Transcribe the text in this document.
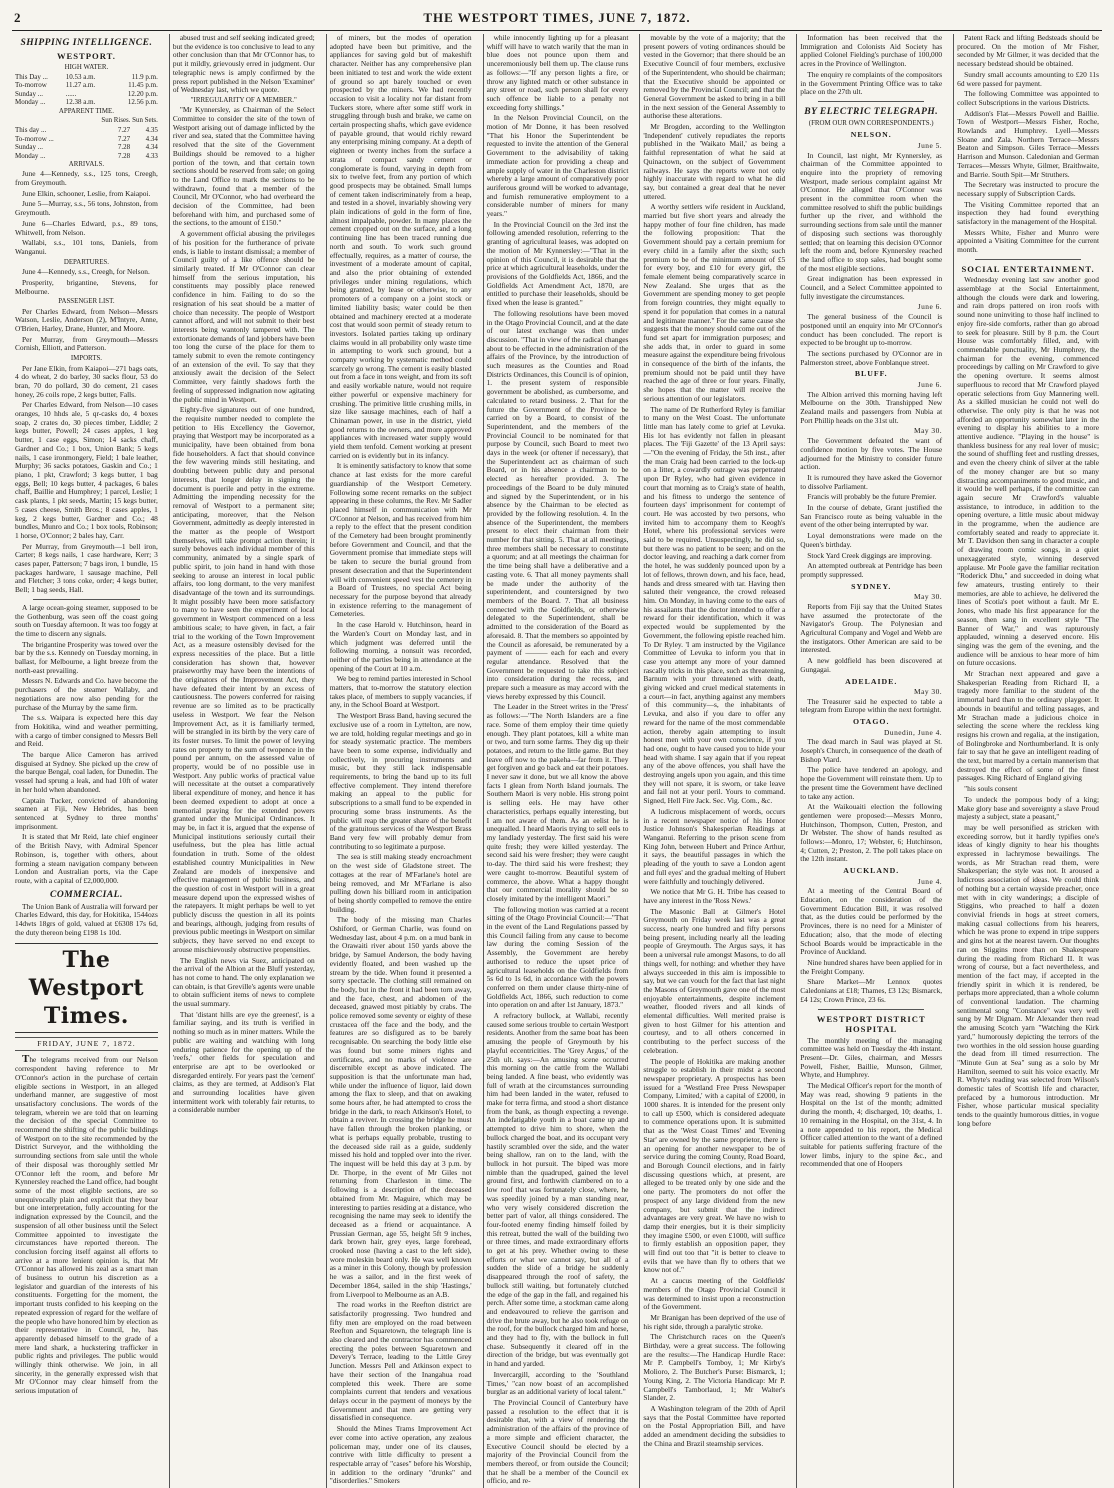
2	THE WESTPORT TIMES, JUNE 7, 1872.
SHIPPING INTELLIGENCE.
WESTPORT.
HIGH WATER.
This Day ...	10.53 a.m.	11.9 p.m.
To-morrow	11.27 a.m.	11.45 p.m.
Sunday ...	......	12.20 p.m.
Monday ...	12.38 a.m.	12.56 p.m.
APPARENT TIME.
Sun Rises. Sun Sets.
This day ...	7.27	4.35
To-morrow ...	7.27	4.34
Sunday ...	7.28	4.34
Monday ...	7.28	4.33
ARRIVALS.

June 4—Kennedy, s.s., 125 tons, Creegh, from Greymouth.

June Elkin, schooner, Leslie, from Kaiapoi.

June 5—Murray, s.s., 56 tons, Johnston, from Greymouth.

June 6—Charles Edward, p.s., 89 tons, Whitwell, from Nelson.

Wallabi, s.s., 101 tons, Daniels, from Wanganui.

DEPARTURES.

June 4—Kennedy, s.s., Creegh, for Nelson.

Prosperity, brigantine, Stevens, for Melbourne.

PASSENGER LIST.

Per Charles Edward, from Nelson—Messrs Watson, Leslie, Anderson (2), M'Intyre, Anne, O'Brien, Harley, Drane, Hunter, and Moore.

Per Murray, from Greymouth—Messrs Cornish, Elliott, and Patterson.

IMPORTS.

Per Jane Elkin, from Kaiapoi—271 bags oats, 4 do wheat, 2 do barley, 30 sacks flour, 53 do bran, 70 do pollard, 30 do cement, 21 cases honey, 26 coils rope, 2 kegs butter, Falls.

Per Charles Edward, from Nelson—10 cases oranges, 10 hhds ale, 5 qr-casks do, 4 boxes soap, 2 crates do, 30 pieces timber, Liddle; 2 kegs butter, Powell; 24 cases apples, 1 keg butter, 1 case eggs, Simon; 14 sacks chaff, Gardner and Co.; 1 box, Union Bank; 5 kegs nails, 1 case ironmongery, Field; 1 bale leather, Murphy; 36 sacks potatoes, Gaskin and Co.; 1 piano, 1 pkt, Crawford; 3 kegs butter, 1 bag eggs, Bell; 10 kegs butter, 4 packages, 6 bales chaff, Baillie and Humphrey; 1 parcel, Leslie; 1 cask plants, 1 pkt seeds, Martin; 15 kegs butter, 5 cases cheese, Smith Bros.; 8 cases apples, 1 keg, 2 kegs butter, Gardner and Co.; 48 bundles, Munro and Co.; 1 box tools, Robinson; 1 horse, O'Connor; 2 bales hay, Carr.

Per Murray, from Greymouth—1 bell iron, Carter; 8 kegs nails, 1 case hardware, Kerr; 3 cases paper, Patterson; 7 bags iron, 1 bundle, 15 packages hardware, 1 sausage machine, Pell and Fletcher; 3 tons coke, order; 4 kegs butter, Bell; 1 bag seeds, Hall.

A large ocean-going steamer, supposed to be the Gothenburg, was seen off the coast going south on Tuesday afternoon. It was too foggy at the time to discern any signals.

The brigantine Prosperity was towed over the bar by the s.s. Kennedy on Tuesday morning, in ballast, for Melbourne, a light breeze from the north-east prevailing.

Messrs N. Edwards and Co. have become the purchasers of the steamer Wallaby, and negotiations are now also pending for the purchase of the Murray by the same firm.

The s.s. Waipara is expected here this day from Hokitika, wind and weather permitting, with a cargo of timber consigned to Messrs Bell and Reid.

The barque Alice Cameron has arrived disguised at Sydney. She picked up the crew of the barque Bengal, coal laden, for Dunedin. The vessel had sprung a leak, and had 10ft of water in her hold when abandoned.

Captain Tucker, convicted of abandoning seamen at Fiji, New Hebrides, has been sentenced at Sydney to three months' imprisonment.

It is stated that Mr Reid, late chief engineer of the British Navy, with Admiral Spencer Robinson, is, together with others, about forming a steam navigation company between London and Australian ports, via the Cape route, with a capital of £2,000,000.

COMMERCIAL.

The Union Bank of Australia will forward per Charles Edward, this day, for Hokitika, 1544ozs 14dwts 18grs of gold, valued at £6308 17s 6d, the duty thereon being £198 1s 10d.

The Westport Times.
FRIDAY, JUNE 7, 1872.

The telegrams received from our Nelson correspondent having reference to Mr O'Connor's action in the purchase of certain eligible sections in Westport, in an alleged underhand manner, are suggestive of most unsatisfactory conclusions. The words of the telegram, wherein we are told that on learning the decision of the special Committee to recommend the shifting of the public buildings of Westport on to the site recommended by the District Surveyor, and the withholding the surrounding sections from sale until the whole of their disposal was thoroughly settled Mr O'Connor left the room, and before Mr Kynnersley reached the Land office, had bought some of the most eligible sections, are so unequivocally plain and explicit that they bear but one interpretation, fully accounting for the indignation expressed by the Council, and the suspension of all other business until the Select Committee appointed to investigate the circumstances have reported thereon. The conclusion forcing itself against all efforts to arrive at a more lenient opinion is, that Mr O'Connor has allowed his zeal as a smart man of business to outrun his discretion as a legislator and guardian of the interests of his constituents. Forgetting for the moment, the important trusts confided to his keeping on the repeated expression of regard for the welfare of the people who have honored him by election as their representative in Council, he, has apparently debased himself to the grade of a mere land shark, a huckstering trafficker in public rights and privileges. The public would willingly think otherwise. We join, in all sincerity, in the generally expressed wish that Mr O'Connor may clear himself from the serious imputation of

abused trust and self seeking indicated greed; but the evidence is too conclusive to lead to any other conclusion than that Mr O'Connor has, to put it mildly, grievously erred in judgment. Our telegraphic news is amply confirmed by the press report published in the Nelson 'Examiner' of Wednesday last, which we quote.

"IRREGULARITY OF A MEMBER."

"Mr Kynnersley, as Chairman of the Select Committee to consider the site of the town of Westport arising out of damage inflicted by the river and sea, stated that the Committee having resolved that the site of the Government Buildings should be removed to a higher portion of the town, and that certain town sections should be reserved from sale; on going to the Land Office to mark the sections to be withdrawn, found that a member of the Council, Mr O'Connor, who had overheard the decision of the Committee, had been beforehand with him, and purchased some of the sections, to the amount of £150."

A government official abusing the privileges of his position for the furtherance of private ends, is liable to instant dismissal; a member of Council guilty of a like offence should be similarly treated. If Mr O'Connor can clear himself from the serious imputation, his constituents may possibly place renewed confidence in him. Failing to do so the resignation of his seat should be a matter of choice than necessity. The people of Westport cannot afford, and will not submit to their best interests being wantonly tampered with. The extortionate demands of land jobbers have been too long the curse of the place for them to tamely submit to even the remote contingency of an extension of the evil. To say that they anxiously await the decision of the Select Committee, very faintly shadows forth the feeling of suppressed indignation now agitating the public mind in Westport.

Eighty-five signatures out of one hundred, the requisite number needed to complete the petition to His Excellency the Governor, praying that Westport may be incorporated as a municipality, have been obtained from bona fide householders. A fact that should convince the few wavering minds still hesitating, and doubting between public duty and personal interests, that longer delay in signing the document is puerile and petty in the extreme. Admitting the impending necessity for the removal of Westport to a permanent site; anticipating, moreover, that the Nelson Government, admittedly as deeply interested in the matter as the people of Westport themselves, will take prompt action therein; it surely behoves each individual member of this community, animated by a single spark of public spirit, to join hand in hand with those seeking to arouse an interest in local public affairs, too long dormant, to the very manifest disadvantage of the town and its surroundings. It might possibly have been more satisfactory to many to have seen the experiment of local government in Westport commenced on a less ambitious scale; to have given, in fact, a fair trial to the working of the Town Improvement Act, as a measure ostensibly devised for the express necessities of the place. But a little consideration has shown that, however praiseworthy may have been the intentions of the originators of the Improvement Act, they have defeated their intent by an excess of cautiousness. The powers conferred for raising revenue are so limited as to be practically useless in Westport. We fear the Nelson Improvement Act, as it is familiarly termed, will be strangled in its birth by the very care of its foster nurses. To limit the power of levying rates on property to the sum of twopence in the pound per annum, on the assessed value of property, would be of no possible use in Westport. Any public works of practical value will necessitate at the outset a comparatively liberal expenditure of money, and hence it has been deemed expedient to adopt at once a memorial praying for the extended powers granted under the Municipal Ordinances. It may be, in fact it is, argued that the expense of Municipal institutions seriously curtail their usefulness, but the plea has little actual foundation in truth. Some of the oldest established country Municipalities in New Zealand are models of inexpensive and effective management of public business, and the question of cost in Westport will in a great measure depend upon the expressed wishes of the ratepayers. It might perhaps be well to yet publicly discuss the question in all its points and bearings, although, judging from results of previous public meetings in Westport on similar subjects, they have served no end except to arouse mischievously obstructive propensities.

The English news via Suez, anticipated on the arrival of the Albion at the Bluff yesterday, has not come to hand. The only explanation we can obtain, is that Greville's agents were unable to obtain sufficient items of news to complete the usual summary.

That 'distant hills are eye the greenest', is a familiar saying, and its truth is verified in nothing so much as in miner matters. While the public are waiting and watching with long enduring patience for the opening up of the 'reefs,' other fields for speculation and enterprise are apt to be overlooked or disregarded entirely. For years past the 'cement' claims, as they are termed, at Addison's Flat and surrounding localities have given intermittent work with tolerably fair returns, to a considerable number

of miners, but the modes of operation adopted have been but primitive, and the appliances for saving gold but of makeshift character. Neither has any comprehensive plan been initiated to test and work the wide extent of ground so apt barely touched or even prospected by the miners. We had recently occasion to visit a locality not far distant from Tuckers store, where after some stiff work in struggling through bush and brake, we came on certain prospecting shafts, which gave evidence of payable ground, that would richly reward any enterprising mining company. At a depth of eighteen or twenty inches from the surface a strata of compact sandy cement or conglomerate is found, varying in depth from six to twelve feet, from any portion of which good prospects may be obtained. Small lumps of cement taken indiscriminately from a heap, and tested in a shovel, invariably showing very plain indications of gold in the form of fine, almost impalpable, powder. In many places the cement cropped out on the surface, and a long continuing line has been traced running due north and south. To work such ground effectually, requires, as a matter of course, the investment of a moderate amount of capital, and also the prior obtaining of extended privileges under mining regulations, which being granted, by lease or otherwise, to any promoters of a company on a joint stock or limited liability basis; water could be then obtained and machinery erected at a moderate cost that would soon permit of steady return to investors. Isolated parties taking up ordinary claims would in all probability only waste time in attempting to work such ground, but a company working by systematic method could scarcely go wrong. The cement is easily blasted out from a face in tons weight, and from its soft and easily workable nature, would not require either powerful or expensive machinery for crushing. The primitive little crushing mills, in size like sausage machines, each of half a Chinaman power, in use in the district, yield good returns to the owners, and more approved appliances with increased water supply would yield them tenfold. Cement working at present carried on is evidently but in its infancy.

It is eminently satisfactory to know that some chance at last exists for the more careful guardianship of the Westport Cemetery. Following some recent remarks on the subject appearing in these columns, the Rev. Mr Sadler placed himself in communication with Mr O'Connor at Nelson, and has received from him a reply to the effect that the present condition of the Cemetery had been brought prominently before Government and Council, and that the Government promise that immediate steps will be taken to secure the burial ground from present desecration and that the Superintendent will with convenient speed vest the cemetery in a Board of Trustees, no special Act being necessary for the purpose beyond that already in existence referring to the management of Cemeteries.

In the case Harold v. Hutchinson, heard in the Warden's Court on Monday last, and in which judgment was deferred until the following morning, a nonsuit was recorded, neither of the parties being in attendance at the opening of the Court at 10 a.m.

We beg to remind parties interested in School matters, that to-morrow the statutory election takes place, of members to supply vacancies, if any, in the School Board at Westport.

The Westport Brass Band, having secured the exclusive use of a room in Lyttelton, are now, we are told, holding regular meetings and go in for steady systematic practice. The members have been to some expense, individually and collectively, in procuring instruments and music, but they still lack indispensable requirements, to bring the band up to its full effective complement. They intend therefore making an appeal to the public for subscriptions to a small fund to be expended in procuring some brass instruments. As the public will reap the greater share of the benefit of the gratuitous services of the Westport Brass Band very few will probably demur from contributing to so legitimate a purpose.

The sea is still making steady encroachment on the west side of Gladstone street. The cottages at the rear of M'Farlane's hotel are being removed, and Mr M'Farlane is also pulling down his billiard room in anticipation of being shortly compelled to remove the entire building.

The body of the missing man Charles Oshiford, or German Charlie, was found on Wednesday last, about 4 p.m. on a mud bank in the Orawaiti river about 150 yards above the bridge, by Samuel Anderson, the body having evidently floated, and been washed up the stream by the tide. When found it presented a sorry spectacle. The clothing still remained on the body, but in the front it had been torn away, and the face, chest, and abdomen of the deceased, gnawed most pitiably by crabs. The police removed some seventy or eighty of these crustacea off the face and the body, and the features are so disfigured as to be barely recognisable. On searching the body little else was found but some miners rights and certificates, and no marks of violence are discernible except as above indicated. The supposition is that the unfortunate man had, while under the influence of liquor, laid down among the flax to sleep, and that on awaking some hours after, he had attempted to cross the bridge in the dark, to reach Atkinson's Hotel, to obtain a reviver. In crossing the bridge he must have fallen through the broken planking, or what is perhaps equally probable, trusting to the deceased side rail as a guide, suddenly missed his hold and toppled over into the river. The inquest will be held this day at 3 p.m. by Dr. Thorpe, in the event of Mr Giles not returning from Charleston in time. The following is a description of the deceased obtained from Mr. Maguire, which may be interesting to parties residing at a distance, who recognising the name may seek to identify the deceased as a friend or acquaintance. A Prussian German, age 55, height 5ft 9 inches, dark brown hair, grey eyes, large forehead, crooked nose (having a cast to the left side), wore moleskin beard only. He was well known as a miner in this Colony, though by profession he was a sailor, and in the first week of December 1864, sailed in the ship 'Hastings,' from Liverpool to Melbourne as an A.B.

The road works in the Reefton district are satisfactorily progressing. Two hundred and fifty men are employed on the road between Reefton and Squaretown, the telegraph line is also cleared and the contractor has commenced erecting the poles between Squaretown and Devery's Terrace, leading to the Little Grey Junction. Messrs Pell and Atkinson expect to have their section of the Inangahua road completed this week. There are some complaints current that tenders and vexatious delays occur in the payment of moneys by the Government and that men are getting very dissatisfied in consequence.

Should the Mines Trams Improvement Act ever come into active operation, any zealous policeman may, under one of its clauses, contrive with little difficulty to present a respectable array of "cases" before his Worship, in addition to the ordinary "drunks" and "disorderlies." Smokers

while innocently lighting up for a pleasant whiff will have to watch warily that the man in blue does not pounce upon them and unceremoniously bell them up. The clause runs as follows:—"If any person lights a fire, or throw any lighted match or other substance in any street or road, such person shall for every such offence be liable to a penalty not exceeding forty shillings."

In the Nelson Provincial Council, on the motion of Mr Donne, it has been resolved "That his Honor the Superintendent be requested to invite the attention of the General Government to the advisability of taking immediate action for providing a cheap and ample supply of water in the Charleston district whereby a large amount of comparatively poor auriferous ground will be worked to advantage, and furnish remunerative employment to a considerable number of miners for many years."

In the Provincial Council on the 3rd inst the following amended resolution, referring to the granting of agricultural leases, was adopted on the motion of Mr Kynnersley:—"That in the opinion of this Council, it is desirable that the price at which agricultural leaseholds, under the provisions of the Goldfields Act, 1866, and the Goldfields Act Amendment Act, 1870, are entitled to purchase their leaseholds, should be fixed when the lease is granted."

The following resolutions have been moved in the Otago Provincial Council, and at the date of our latest exchange was then under discussion. "That in view of the radical changes about to be effected in the administration of the affairs of the Province, by the introduction of such measures as the Counties and Road Districts Ordinances, this Council is of opinion, 1. the present system of responsible government be abolished, as cumbersome, and calculated to retard business. 2. That for the future the Government of the Province be carried on by a Board, to consist of the Superintendent, and the members of the Provincial Council to be nominated for that purpose by Council, such Board to meet two days in the week (or oftener if necessary), that the Superintendent act as chairman of such Board, or in his absence a chairman to be elected as hereafter provided. 3. The proceedings of the Board to be duly minuted and signed by the Superintendent, or in his absence by the Chairman to be elected as provided by the following resolution. 4. In the absence of the Superintendent, the members present to elect their chairman from their number for that sitting. 5. That at all meetings, three members shall be necessary to constitute a quorum; and at all meetings the chairman for the time being shall have a deliberative and a casting vote. 6. That all money payments shall be made under the authority of the superintendent, and countersigned by two members of the Board. 7. That all business connected with the Goldfields, or otherwise delegated to the Superintendent, shall be admitted to the consideration of the Board as aforesaid. 8. That the members so appointed by the Council as aforesaid, be remunerated by a payment of ——— each for each and every regular attendance. Resolved that the Government be requested to take this subject into consideration during the recess, and prepare such a measure as may accord with the views hereby expressed by this Council.

The Leader in the Street writes in the 'Press' as follows:—"The North Islanders are a fine race. Some of them employ their time quietly enough. They plant potatoes, kill a white man or two, and turn some farms. They dig up their potatoes, and return to the little game. But they leave off now to the pakeha—far from it. They get forgiven and go back and eat their potatoes. I never saw it done, but we all know the above facts I glean from North Island journals. The Southern Maori is very noble. His strong point is selling eels. He may have other characteristics, perhaps equally interesting, but I am not aware of them. As an eelist he is unequalled. I heard Maoris trying to sell eels to my landlady yesterday. The first said his were quite fresh; they were killed yesterday. The second said his were fresher; they were caught to-day. The third said his were freshest; they were caught to-morrow. Beautiful system of commerce, the above. What a happy thought that our commercial morality should be so closely imitated by the intelligent Maori."

The following motion was carried at a recent sitting of the Otago Provincial Council:—"That in the event of the Land Regulations passed by this Council failing from any cause to become law during the coming Session of the Assembly, the Government are hereby authorised to reduce the upset price of agricultural leaseholds on the Goldfields from 5s 6d to 1s 6d, in accordance with the powers conferred on them under clause thirty-nine of Goldfields Act, 1866, such reduction to come into operation on and after 1st January, 1873."

A refractory bullock, at Wallabi, recently caused some serious trouble to certain Westport residents. Another from the same boat has been amusing the people of Greymouth by his playful eccentricities. The 'Grey Argus,' of the 25th ult. says:—An amusing scene occurred this morning on the cattle from the Wallabi being landed. A fine beast, who evidently was full of wrath at the circumstances surrounding him had been landed in the water, refused to make for terra firma, and stood a short distance from the bank, as though expecting a revenge. An indefatigable youth in a boat came up and attempted to drive him to shore, when the bullock charged the boat, and its occupant very hastily scrambled over the side, and the water being shallow, ran on to the land, with the bullock in hot pursuit. The biped was more nimble than the quadruped, gained the level ground first, and forthwith clambered on to a low roof that was fortunately close, where, he was speedily joined by a man standing near, who very wisely considered discretion the better part of valor, all things considered. The four-footed enemy finding himself foiled by this retreat, butted the wall of the building two or three times, and made extraordinary efforts to get at his prey. Whether owing to these efforts or what we cannot say, but all of a sudden the slide of a bridge he suddenly disappeared through the roof of safety, the bullock still waiting, but fortunately clutched the edge of the gap in the fall, and regained his perch. After some time, a stockman came along and endeavoured to relieve the garrison and drive the brute away, but he also took refuge on the roof, for the bullock charged him and horse, and they had to fly, with the bullock in full chase. Subsequently it cleared off in the direction of the bridge, but was eventually got in hand and yarded.

Invercargill, according to the 'Southland Times,' "can now boast of an accomplished burglar as an additional variety of local talent."

The Provincial Council of Canterbury have passed a resolution to the effect that it is desirable that, with a view of rendering the administration of the affairs of the province of a more simple and efficient character, the Executive Council should be elected by a majority of the Provincial Council from the members thereof, or from outside the Council; that he shall be a member of the Council ex officio, and re-

movable by the vote of a majority; that the present powers of voting ordinances should be vested in the Governor; that there should be an Executive Council of four members, exclusive of the Superintendent, who should be chairman; that the Executive should be appointed or removed by the Provincial Council; and that the General Government be asked to bring in a bill in the next session of the General Assembly to authorise these alterations.

Mr Brogden, according to the Wellington 'Independent' cutively repudiates the reports published in the 'Waikato Mail,' as being a faithful representation of what he said at Quinactown, on the subject of Government railways. He says the reports were not only highly inaccurate with regard to what he did say, but contained a great deal that he never uttered.

A worthy settlers wife resident in Auckland, married but five short years and already the happy mother of four fine children, has made the following proposition: That the Government should pay a certain premium for every child in a family after the sixth; such premium to be of the minimum amount of £5 for every boy, and £10 for every girl, the female element being comparatively scarce in New Zealand. She urges that as the Government are spending money to get people from foreign countries, they might equally to spend it for population that comes in a natural and legitimate manner." For the same cause she suggests that the money should come out of the fund set apart for immigration purposes; and she adds that, in order to guard in some measure against the expenditure being frivolous in consequence of the birth of the infants, the premium should not be paid until they have reached the age of three or four years. Finally, she hopes that the matter will receive the serious attention of our legislators.

The name of Dr Rutherford Ryley is familiar to many on the West Coast. The unfortunate little man has lately come to grief at Levuka. His lot has evidently not fallen in pleasant places. The 'Fiji Gazette' of the 13 April says:—"On the evening of Friday, the 5th inst., after the man Craig had been carried to the lock-up on a litter, a cowardly outrage was perpetrated upon Dr Ryley, who had given evidence in court that morning as to Craig's state of health, and his fitness to undergo the sentence of fourteen days' imprisonment for contempt of court. He was accosted by two persons, who invited him to accompany them to Keogh's Hotel, where his professional services were said to be required. Unsuspectingly, he did so, but there was no patient to be seen; and on the doctor leaving, and reaching a dark corner from the hotel, he was suddenly pounced upon by a lot of fellows, thrown down, and his face, head, hands and dress smeared with tar. Having then saluted their vengeance, the crowd released him. On Monday, in having come to the ears of his assailants that the doctor intended to offer a reward for their identification, which it was expected would be supplemented by the Government, the following epistle reached him. To Dr Ryley. 'I am instructed by the Vigilance Committee of Levuka to inform you that in case you attempt any more of your damned rascally tricks in this place, such as threatening, Barnum with your threatened with death, giving wicked and cruel medical statements in a court—in fact, anything against any members of this community—s, the inhabitants of Levuka, and also if you dare to offer any reward for the name of the most commendable action, thereby again attempting to insult honest men with your own conscience, if you had one, ought to have caused you to hide your head with shame. I say again that if you repeat any of the above offences, you shall have the destroying angels upon you again, and this time they will not spare, it is sworn, or take leave and fail not at your peril. Yours to command. Signed, Hell Fire Jack. Sec. Vig. Com., &c.

A ludicrous misplacement of words, occurs in a recent newspaper notice of his Honor Justice Johnson's Shakesperian Readings at Wanganui. Referring to the prison scene from King John, between Hubert and Prince Arthur, it says, the beautiful passages in which the pleading of the youth to save a London agent and full eyes' and the gradual melting of Hubert were faithfully and touchingly delivered.

We notice that Mr G. H. Tribe has ceased to have any interest in the 'Ross News.'

The Masonic Ball at Gilmer's Hotel Greymouth on Friday week last was a great success, nearly one hundred and fifty persons being present, including nearly all the leading people of Greymouth. The Argus says, it has been a universal rule amongst Masons, to do all things well, for nothing: and whether they have always succeeded in this aim is impossible to say, but we can vouch for the fact that last night the Masons of Greymouth gave one of the most enjoyable entertainments, despite inclement weather, flooded rivers and all kinds of elemental difficulties. Well merited praise is given to host Gilmer for his attention and courtesy, and to all others concerned in contributing to the perfect success of the celebration.

The people of Hokitika are making another struggle to establish in their midst a second newspaper proprietary. A prospectus has been issued for a 'Westland Free Press Newspaper Company, Limited,' with a capital of £2000, in 1000 shares. It is intended for the present only to call up £500, which is considered adequate to commence operations upon. It is submitted that as the 'West Coast Times' and 'Evening Star' are owned by the same proprietor, there is an opening for another newspaper to be of service during the coming County, Road Board, and Borough Council elections, and in fairly discussing questions which, at present, are alleged to be treated only by one side and the one party. The promoters do not offer the prospect of any large dividend from the new company, but submit that the indirect advantages are very great. We have no wish to damp their energies, but it is their simplicity they imagine £500, or even £1000, will suffice to firmly establish an opposition paper, they will find out too that "it is better to cleave to evils that we have than fly to others that we know not of."

At a caucus meeting of the Goldfields' members of the Otago Provincial Council it was determined to insist upon a reconstruction of the Government.

Mr Branigan has been deprived of the use of his right side, through a paralytic stroke.

The Christchurch races on the Queen's Birthday, were a great success. The following are the results:—The Handicap Hurdle Race: Mr P. Campbell's Tomboy, 1; Mr Kirby's Molioro, 2. The Butcher's Purse: Bismarck, 1; Young King, 2. The Victoria Handicap: Mr P. Campbell's Tamborlaud, 1; Mr Walter's Slander, 2.

A Washington telegram of the 20th of April says that the Postal Committee have reported on the Postal Appropriation Bill, and have added an amendment deciding the subsidies to the China and Brazil steamship services.

Information has been received that the Immigration and Colonists Aid Society has applied Colonel Fielding's purchase of 100,000 acres in the Province of Wellington.

The enquiry re complaints of the compositors in the Government Printing Office was to take place on the 27th ult.

BY ELECTRIC TELEGRAPH.
(FROM OUR OWN CORRESPONDENTS.)
NELSON.
June 5.

In Council, last night, Mr Kynnersley, as chairman of the Committee appointed to enquire into the propriety of removing Westport, made serious complaint against Mr O'Connor. He alleged that O'Connor was present in the committee room when the committee resolved to shift the public buildings further up the river, and withhold the surrounding sections from sale until the manner of disposing such sections was thoroughly settled; that on learning this decision O'Connor left the room and, before Kynnersley reached the land office to stop sales, had bought some of the most eligible sections.

Great indignation has been expressed in Council, and a Select Committee appointed to fully investigate the circumstances.

June 6.

The general business of the Council is postponed until an enquiry into Mr O'Connor's conduct has been concluded. The report is expected to be brought up to-morrow.

The sections purchased by O'Connor are in Palmerston street, above Fonblanque street.

BLUFF.
June 6.

The Albion arrived this morning having left Melbourne on the 30th. Transhipped New Zealand mails and passengers from Nubia at Port Phillip heads on the 31st ult.

May 30.

The Government defeated the want of confidence motion by five votes. The House adjourned for the Ministry to consider future action.

It is rumoured they have asked the Governor to dissolve Parliament.

Francis will probably be the future Premier.

In the course of debate, Grant justified the San Francisco route as being valuable in the event of the other being interrupted by war.

Loyal demonstrations were made on the Queen's birthday.

Stock Yard Creek diggings are improving.

An attempted outbreak at Pentridge has been promptly suppressed.

SYDNEY.
May 30.

Reports from Fiji say that the United States have assumed the protectorate of the Navigator's Group. The Polynesian and Agricultural Company and Vogel and Webb are the instigators. Other American are said to be interested.

A new goldfield has been discovered at Gungagai.

ADELAIDE.
May 30.

The Treasurer said he expected to table a telegram from Europe within the next fortnight.

OTAGO.
Dunedin, June 4.

The dead march in Saul was played at St. Joseph's Church, in consequence of the death of Bishop Viard.

The police have tendered an apology, and hope the Government will reinstate them. Up to the present time the Government have declined to take any action.

At the Waikouaiti election the following gentlemen were proposed:—Messrs Monro, Hutchinson, Thompson, Cutten, Preston, and Dr Webster. The show of hands resulted as follows:—Monro, 17; Webster, 6; Hutchinson, 4; Cutten, 2; Preston, 2. The poll takes place on the 12th instant.

AUCKLAND.
June 4.

At a meeting of the Central Board of Education, on the consideration of the Government Education Bill, it was resolved that, as the duties could be performed by the Provinces, there is no need for a Minister of Education; also, that the mode of electing School Boards would be impracticable in the Province of Auckland.

Nine hundred shares have been applied for in the Freight Company.

Share Market—Mr Lennox quotes Caledonians at £18; Thames, £3 12s; Bismarck, £4 12s; Crown Prince, 23 6s.

WESTPORT DISTRICT HOSPITAL

The monthly meeting of the managing committee was held on Tuesday the 4th instant. Present—Dr. Giles, chairman, and Messrs Powell, Fisher, Baillie, Munson, Gilmer, Whyte, and Humphrey.

The Medical Officer's report for the month of May was read, showing 9 patients in the Hospital on the 1st of the month; admitted during the month, 4; discharged, 10; deaths, 1. 10 remaining in the Hospital, on the 31st, 4. In a note appended to his report, the Medical Officer called attention to the want of a defined suitable for patients suffering fracture of the lower limbs, injury to the spine &c., and recommended that one of Hoopers

Patent Rack and lifting Bedsteads should be procured. On the motion of Mr Fisher, seconded by Mr Gilmer, it was decided that the necessary bedstead should be obtained.

Sundry small accounts amounting to £20 11s 6d were passed for payment.

The following Committee was appointed to collect Subscriptions in the various Districts.

Addison's Flat—Messrs Powell and Baillie. Town of Westport—Messrs Fisher, Roche, Rowlands and Humphrey. Lyell—Messrs Sloane and Zala. Northern Terrace—Messrs Beaton and Simpson. Giles Terrace—Messrs Harrison and Munson. Caledonian and German Terraces—Messrs Whyte, Gilmer, Braithwaite, and Barrie. South Spit—Mr Struthers.

The Secretary was instructed to procure the necessary supply of Subscription Cards.

The Visiting Committee reported that an inspection they had found everything satisfactory in the management of the Hospital.

Messrs White, Fisher and Munro were appointed a Visiting Committee for the current month.

SOCIAL ENTERTAINMENT.

Wednesday evening last saw another good assemblage at the Social Entertainment, although the clouds were dark and lowering, and rain drops pattered on iron roofs with sound none uninviting to those half inclined to enjoy fire-side comforts, rather than go abroad to seek for pleasure. Still by 8 p.m. the Court House was comfortably filled, and, with commendable punctuality, Mr Humphrey, the chairman for the evening, commenced proceedings by calling on Mr Crawford to give the opening overture. It seems almost superfluous to record that Mr Crawford played operatic selections from Guy Mannering well. As a skilled musician he could not well do otherwise. The only pity is that he was not afforded an opportunity somewhat later in the evening to display his abilities to a more attentive audience. "Playing in the house" is thankless business for any real lover of music; the sound of shuffling feet and rustling dresses, and even the cheery chink of silver at the table of the money changer are but so many distracting accompaniments to good music, and it would be well perhaps, if the committee can again secure Mr Crawford's valuable assistance, to introduce, in addition to the opening overture, a little music about midway in the programme, when the audience are comfortably seated and ready to appreciate it. Mr T. Davidson then sang in character a couple of drawing room comic songs, in a quiet unexaggerated style, winning deserved applause. Mr Poole gave the familiar recitation "Roderick Dhu," and succeeded in doing what few amateurs, trusting entirely to their memories, are able to achieve, he delivered the lines of Scotia's poet without a fault. Mr E. Jones, who made his first appearance for the season, then sang in excellent style "The Banner of War," and was rapturously applauded, winning a deserved encore. His singing was the gem of the evening, and the audience will be anxious to hear more of him on future occasions.

Mr Strachan next appeared and gave a Shakesperian Reading from Richard II, a tragedy more familiar to the student of the immortal bard than to the ordinary playgoer. It abounds in beautiful and telling passages, and Mr Strachan made a judicious choice in selecting the scene where the reckless king resigns his crown and regalia, at the instigation, of Bolingbroke and Northumberland. It is only fair to say that he gave an intelligent reading of the text, but marred by a certain mannerism that destroyed the effect of some of the finest passages. King Richard of England giving

"his souls consent

To undeck the pompous body of a king; Make glory base and sovereignty a slave Proud majesty a subject, state a peasant,"

may be well personified as stricken with exceeding sorrow, but it hardly typifies one's ideas of kingly dignity to hear his thoughts expressed in lachrymose bewailings. The words, as Mr Strachan read them, were Shakesperian; the style was not. It aroused a ludicrous association of ideas. We could think of nothing but a certain wayside preacher, once met with in city wanderings; a disciple of Stiggins, who preached to half a dozen convivial friends in hogs at street corners, making casual collections from his hearers, which he was prone to expend in tripe suppers and gins hot at the nearest tavern. Our thoughts ran on Stiggins more than on Shakespeare during the reading from Richard II. It was wrong of course, but a fact nevertheless, and mention of the fact may, if accepted in the friendly spirit in which it is rendered, be perhaps more appreciated, than a whole column of conventional laudation. The charming sentimental song "Constance" was very well sung by Mr Dignam. Mr Alexander then read the amusing Scotch yarn "Watching the Kirk yard," humorously depicting the terrors of the two worthies in the old session house guarding the dead from ill timed resurrection. The "Minute Gun at Sea" sung as a solo by Mr Hamilton, seemed to suit his voice exactly. Mr R. Whyte's reading was selected from Wilson's domestic tales of Scottish life and character, prefaced by a humorous introduction. Mr Fisher, whose particular musical speciality tends to the quaintly humorous ditties, in vogue long before
